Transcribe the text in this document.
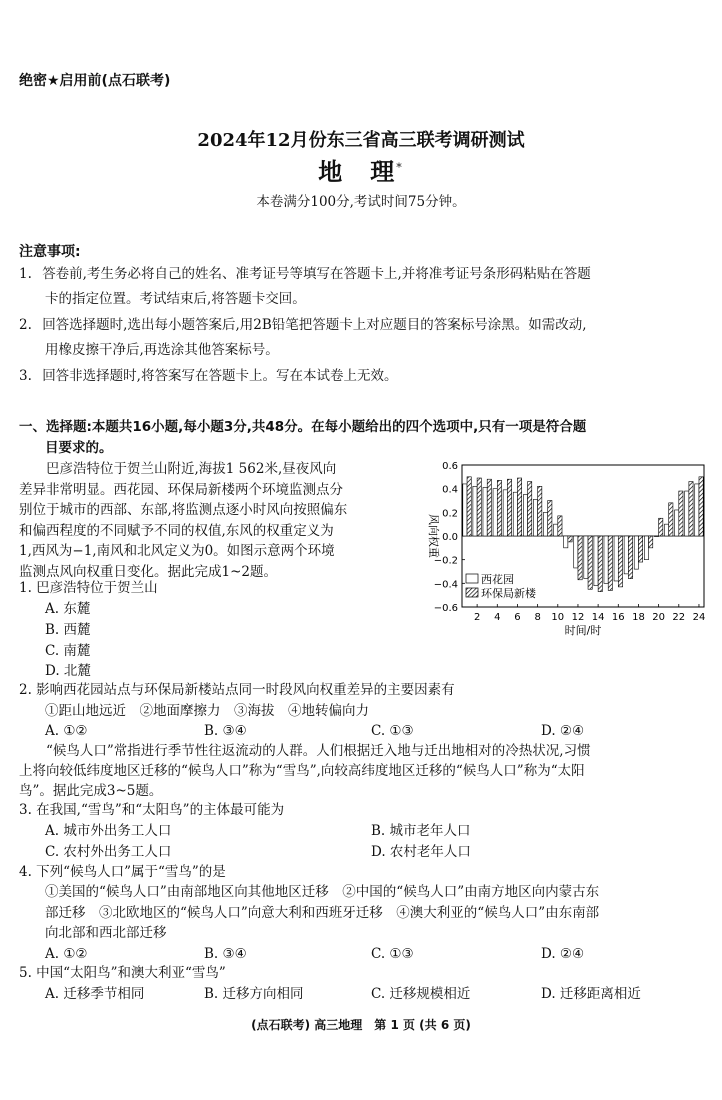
绝密★启用前(点石联考)
2024年12月份东三省高三联考调研测试
地　理*
本卷满分100分,考试时间75分钟。
注意事项:
1. 答卷前,考生务必将自己的姓名、准考证号等填写在答题卡上,并将准考证号条形码粘贴在答题
卡的指定位置。考试结束后,将答题卡交回。
2. 回答选择题时,选出每小题答案后,用2B铅笔把答题卡上对应题目的答案标号涂黑。如需改动,
用橡皮擦干净后,再选涂其他答案标号。
3. 回答非选择题时,将答案写在答题卡上。写在本试卷上无效。
一、选择题:本题共16小题,每小题3分,共48分。在每小题给出的四个选项中,只有一项是符合题
目要求的。
　　巴彦浩特位于贺兰山附近,海拔1 562米,昼夜风向
差异非常明显。西花园、环保局新楼两个环境监测点分
别位于城市的西部、东部,将监测点逐小时风向按照偏东
和偏西程度的不同赋予不同的权值,东风的权重定义为
1,西风为−1,南风和北风定义为0。如图示意两个环境
监测点风向权重日变化。据此完成1~2题。
0.6
0.4
0.2
0.0
−0.2
−0.4
−0.6
2 4 6 8 10 12 14 16 18 20 22 24
时间/时
风向权重
西花园
环保局新楼
1. 巴彦浩特位于贺兰山
A. 东麓
B. 西麓
C. 南麓
D. 北麓
2. 影响西花园站点与环保局新楼站点同一时段风向权重差异的主要因素有
①距山地远近　②地面摩擦力　③海拔　④地转偏向力
A. ①②	B. ③④	C. ①③	D. ②④
　　“候鸟人口”常指进行季节性往返流动的人群。人们根据迁入地与迁出地相对的冷热状况,习惯
上将向较低纬度地区迁移的“候鸟人口”称为“雪鸟”,向较高纬度地区迁移的“候鸟人口”称为“太阳
鸟”。据此完成3~5题。
3. 在我国,“雪鸟”和“太阳鸟”的主体最可能为
A. 城市外出务工人口	B. 城市老年人口
C. 农村外出务工人口	D. 农村老年人口
4. 下列“候鸟人口”属于“雪鸟”的是
①美国的“候鸟人口”由南部地区向其他地区迁移　②中国的“候鸟人口”由南方地区向内蒙古东
部迁移　③北欧地区的“候鸟人口”向意大利和西班牙迁移　④澳大利亚的“候鸟人口”由东南部
向北部和西北部迁移
A. ①②	B. ③④	C. ①③	D. ②④
5. 中国“太阳鸟”和澳大利亚“雪鸟”
A. 迁移季节相同	B. 迁移方向相同	C. 迁移规模相近	D. 迁移距离相近
(点石联考) 高三地理　第 1 页 (共 6 页)
